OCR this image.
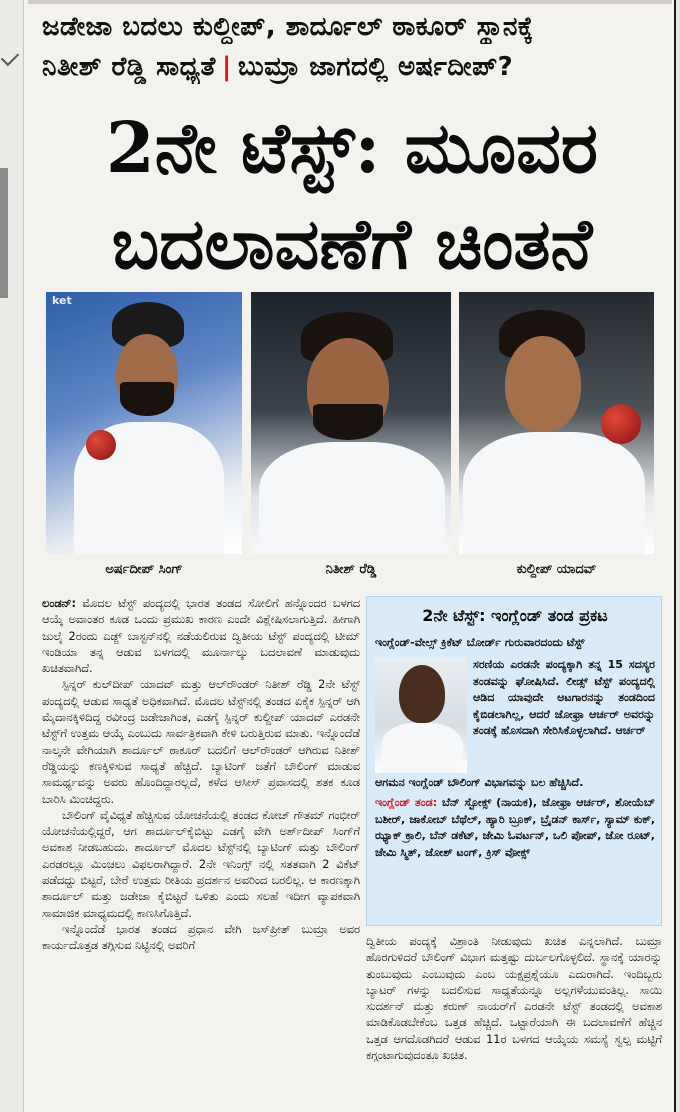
ಜಡೇಜಾ ಬದಲು ಕುಲ್ದೀಪ್, ಶಾರ್ದೂಲ್ ಠಾಕೂರ್ ಸ್ಥಾನಕ್ಕೆ
ನಿತೀಶ್ ರೆಡ್ಡಿ ಸಾಧ್ಯತೆ | ಬುಮ್ರಾ ಜಾಗದಲ್ಲಿ ಅರ್ಷದೀಪ್?
2ನೇ ಟೆಸ್ಟ್: ಮೂವರ
ಬದಲಾವಣೆಗೆ ಚಿಂತನೆ
ket
ಅರ್ಷದೀಪ್ ಸಿಂಗ್	ನಿತೀಶ್ ರೆಡ್ಡಿ	ಕುಲ್ದೀಪ್ ಯಾದವ್

ಲಂಡನ್: ಮೊದಲ ಟೆಸ್ಟ್ ಪಂದ್ಯದಲ್ಲಿ ಭಾರತ ತಂಡದ ಸೋಲಿಗೆ ಹನ್ನೊಂದರ ಬಳಗದ ಆಯ್ಕೆ ಅವಾಂತರ ಕೂಡ ಒಂದು ಪ್ರಮುಖ ಕಾರಣ ಎಂದೇ ವಿಶ್ಲೇಷಿಸಲಾಗುತ್ತಿದೆ. ಹೀಗಾಗಿ ಜುಲೈ 2ರಂದು ಎಡ್ಜ್ ಬಾಸ್ಟನ್‌ನಲ್ಲಿ ನಡೆಯಲಿರುವ ದ್ವಿತೀಯ ಟೆಸ್ಟ್ ಪಂದ್ಯದಲ್ಲಿ ಟೀಮ್ ಇಂಡಿಯಾ ತನ್ನ ಆಡುವ ಬಳಗದಲ್ಲಿ ಮೂರ್ನಾಲ್ಕು ಬದಲಾವಣೆ ಮಾಡುವುದು ಖಚಿತವಾಗಿದೆ.

ಸ್ಪಿನ್ನರ್ ಕುಲ್‌ದೀಪ್ ಯಾದವ್ ಮತ್ತು ಆಲ್‌ರೌಂಡರ್ ನಿತೀಶ್ ರೆಡ್ಡಿ 2ನೇ ಟೆಸ್ಟ್ ಪಂದ್ಯದಲ್ಲಿ ಆಡುವ ಸಾಧ್ಯತೆ ಅಧಿಕವಾಗಿದೆ. ಮೊದಲ ಟೆಸ್ಟ್‌ನಲ್ಲಿ ತಂಡದ ಏಕೈಕ ಸ್ಪಿನ್ನರ್ ಆಗಿ ಮೈದಾನಕ್ಕಿಳಿದಿದ್ದ ರವೀಂದ್ರ ಜಡೇಜಾಗಿಂತ, ಎಡಗೈ ಸ್ಪಿನ್ನರ್ ಕುಲ್ದೀಪ್ ಯಾದವ್ ಎರಡನೇ ಟೆಸ್ಟ್‌ಗೆ ಉತ್ತಮ ಆಯ್ಕೆ ಎಂಬುದು ಸಾರ್ವತ್ರಿಕವಾಗಿ ಕೇಳಿ ಬರುತ್ತಿರುವ ಮಾತು. ಇನ್ನೊಂದೆಡೆ ನಾಲ್ಕನೇ ವೇಗಿಯಾಗಿ ಶಾರ್ದೂಲ್ ಠಾಕೂರ್ ಬದಲಿಗೆ ಆಲ್‌ರೌಂಡರ್ ಆಗಿರುವ ನಿತೀಶ್ ರೆಡ್ಡಿಯನ್ನು ಕಣಕ್ಕಿಳಿಸುವ ಸಾಧ್ಯತೆ ಹೆಚ್ಚಿದೆ. ಬ್ಯಾಟಿಂಗ್ ಜತೆಗೆ ಬೌಲಿಂಗ್ ಮಾಡುವ ಸಾಮರ್ಥ್ಯವನ್ನು ಅವರು ಹೊಂದಿದ್ದಾರಲ್ಲದೆ, ಕಳೆದ ಆಸೀಸ್ ಪ್ರವಾಸದಲ್ಲಿ ಶತಕ ಕೂಡ ಬಾರಿಸಿ ಮಿಂಚಿದ್ದರು.

ಬೌಲಿಂಗ್ ವೈವಿಧ್ಯತೆ ಹೆಚ್ಚಿಸುವ ಯೋಚನೆಯಲ್ಲಿ ತಂಡದ ಕೋಚ್ ಗೌತಮ್ ಗಂಭೀರ್ ಯೋಚನೆಯಲ್ಲಿದ್ದರೆ, ಆಗ ಶಾರ್ದೂಲ್‌ಕೈಬಿಟ್ಟು ಎಡಗೈ ವೇಗಿ ಅರ್ಶ್‌ದೀಪ್ ಸಿಂಗ್‌ಗೆ ಅವಕಾಶ ನೀಡಬಹುದು. ಶಾರ್ದೂಲ್ ಮೊದಲ ಟೆಸ್ಟ್‌ನಲ್ಲಿ ಬ್ಯಾಟಿಂಗ್ ಮತ್ತು ಬೌಲಿಂಗ್ ಎರಡರಲ್ಲೂ ಮಿಂಚಲು ವಿಫಲರಾಗಿದ್ದಾರೆ. 2ನೇ ಇನಿಂಗ್ಸ್ ನಲ್ಲಿ ಸತತವಾಗಿ 2 ವಿಕೆಟ್ ಪಡೆದದ್ದು ಬಿಟ್ಟರೆ, ಬೇರೆ ಉತ್ತಮ ರೀತಿಯ ಪ್ರದರ್ಶನ ಅವರಿಂದ ಬರಲಿಲ್ಲ. ಆ ಕಾರಣಕ್ಕಾಗಿ ಶಾರ್ದೂಲ್ ಮತ್ತು ಜಡೇಜಾ ಕೈಬಿಟ್ಟರೆ ಒಳಿತು ಎಂದು ಸಲಹೆ ಇದೀಗ ವ್ಯಾಪಕವಾಗಿ ಸಾಮಾಜಿಕ ಮಾಧ್ಯಮದಲ್ಲಿ ಕಾಣಸಿಗೊತ್ತಿದೆ.

ಇನ್ನೊಂದೆಡೆ ಭಾರತ ತಂಡದ ಪ್ರಧಾನ ವೇಗಿ ಜಸ್‌ಪ್ರೀತ್ ಬುಮ್ರಾ ಅವರ ಕಾರ್ಯದೊತ್ತಡ ತಗ್ಗಿಸುವ ನಿಟ್ಟಿನಲ್ಲಿ ಅವರಿಗೆ

2ನೇ ಟೆಸ್ಟ್: ಇಂಗ್ಲೆಂಡ್ ತಂಡ ಪ್ರಕಟ
ಇಂಗ್ಲೆಂಡ್-ವೇಲ್ಸ್ ಕ್ರಿಕೆಟ್ ಬೋರ್ಡ್ ಗುರುವಾರದಂದು ಟೆಸ್ಟ್
ಸರಣಿಯ ಎರಡನೇ ಪಂದ್ಯಕ್ಕಾಗಿ ತನ್ನ 15 ಸದಸ್ಯರ ತಂಡವನ್ನು ಘೋಷಿಸಿದೆ. ಲೀಡ್ಸ್ ಟೆಸ್ಟ್ ಪಂದ್ಯದಲ್ಲಿ ಆಡಿದ ಯಾವುದೇ ಆಟಗಾರನನ್ನು ತಂಡದಿಂದ ಕೈಬಿಡಲಾಗಿಲ್ಲ, ಆದರೆ ಜೋಫ್ರಾ ಆರ್ಚರ್ ಅವರನ್ನು ತಂಡಕ್ಕೆ ಹೊಸದಾಗಿ ಸೇರಿಸಿಕೊಳ್ಳಲಾಗಿದೆ. ಆರ್ಚರ್
ಆಗಮನ ಇಂಗ್ಲೆಂಡ್ ಬೌಲಿಂಗ್ ವಿಭಾಗವನ್ನು ಬಲ ಹೆಚ್ಚಿಸಿದೆ.
ಇಂಗ್ಲೆಂಡ್ ತಂಡ: ಬೆನ್ ಸ್ಟೋಕ್ಸ್ (ನಾಯಕ), ಜೋಫ್ರಾ ಆರ್ಚರ್, ಶೋಯೆಬ್ ಬಶೀರ್, ಜಾಕೋಬ್ ಬೆಥೆಲ್, ಹ್ಯಾರಿ ಬ್ರೂಕ್, ಬ್ರೈಡನ್ ಕಾರ್ಸ್, ಸ್ಯಾಮ್ ಕುಕ್, ಝ್ಯಾಕ್ ಕ್ರಾಲಿ, ಬೆನ್ ಡಕೆಟ್, ಜೇಮಿ ಓವರ್ಟನ್, ಒಲಿ ಪೋಪ್, ಜೋ ರೂಟ್, ಜೇಮಿ ಸ್ಮಿತ್, ಜೋಶ್ ಟಂಗ್, ಕ್ರಿಸ್ ವೋಕ್ಸ್
ದ್ವಿತೀಯ ಪಂದ್ಯಕ್ಕೆ ವಿಶ್ರಾಂತಿ ನೀಡುವುದು ಖಚಿತ ಎನ್ನಲಾಗಿದೆ. ಬುಮ್ರಾ ಹೊರಗುಳಿದರೆ ಬೌಲಿಂಗ್ ವಿಭಾಗ ಮತ್ತಷ್ಟು ದುರ್ಬಲಗೊಳ್ಳಲಿದೆ. ಸ್ಥಾನಕ್ಕೆ ಯಾರನ್ನು ತುಂಬುವುದು ಎಂಬುವುದು ಎಂಬ ಯಕ್ಷಪ್ರಶ್ನೆಯೂ ಎದುರಾಗಿದೆ. ಇಂದಿಬ್ಬರು ಬ್ಯಾಟರ್ ಗಳನ್ನು ಬದಲಿಸುವ ಸಾಧ್ಯತೆಯನ್ನೂ ಅಲ್ಲಗಳೆಯುವಂತಿಲ್ಲ. ಸಾಯಿ ಸುದರ್ಶನ್ ಮತ್ತು ಕರುಣ್ ನಾಯರ್‌ಗೆ ಎರಡನೇ ಟೆಸ್ಟ್ ತಂಡದಲ್ಲಿ ಅವಕಾಶ ಮಾಡಿಕೊಡಬೇಕೆಂಬ ಒತ್ತಡ ಹೆಚ್ಚಿದೆ. ಒಟ್ಟಾರೆಯಾಗಿ ಈ ಬದಲಾವಣೆಗೆ ಹೆಚ್ಚಿನ ಒತ್ತಡ ಆಗದೊಡಗಿದರೆ ಆಡುವ 11ರ ಬಳಗದ ಆಯ್ಕೆಯ ಸಮಸ್ಯೆ ಸ್ವಲ್ಪ ಮಟ್ಟಿಗೆ ಕಗ್ಗಂಟಾಗುವುದಂತೂ ಖಚಿತ.
